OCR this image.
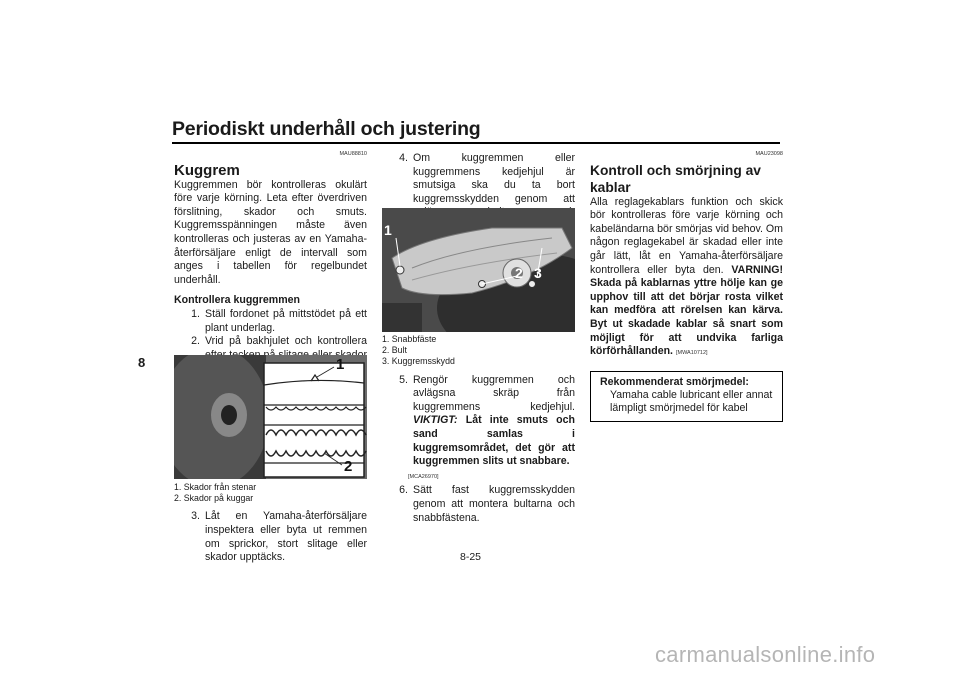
Periodiskt underhåll och justering
8
MAU88810
Kuggrem

Kuggremmen bör kontrolleras okulärt före varje körning. Leta efter överdriven förslitning, skador och smuts. Kuggremsspänningen måste även kontrolleras och justeras av en Yamaha-återförsäljare enligt de intervall som anges i tabellen för regelbundet underhåll.

Kontrollera kuggremmen
1. Ställ fordonet på mittstödet på ett plant underlag.
2. Vrid på bakhjulet och kontrollera
1
2
1. Skador från stenar
2. Skador på kuggar
3. Låt en Yamaha-återförsäljare inspektera eller byta ut remmen om sprickor, stort slitage eller skador upptäcks.
4. Om kuggremmen eller kuggremmens kedjehjul är smutsiga ska du ta bort kuggremsskydden genom att
1
2 3
1. Snabbfäste
2. Bult
3. Kuggremsskydd
5. Rengör kuggremmen och avlägsna skräp från kuggremmens kedjehjul. VIKTIGT: Låt inte smuts och sand samlas i kuggremsområdet, det gör att kuggremmen slits ut snabbare.
[MCA26970]
6. Sätt fast kuggremsskydden genom att montera bultarna och snabbfästena.
MAU23098
Kontroll och smörjning av kablar

Alla reglagekablars funktion och skick bör kontrolleras före varje körning och kabeländarna bör smörjas vid behov. Om någon reglagekabel är skadad eller inte går lätt, låt en Yamaha-återförsäljare kontrollera eller byta den. VARNING! Skada på kablarnas yttre hölje kan ge upphov till att det börjar rosta vilket kan medföra att rörelsen kan kärva. Byt ut skadade kablar så snart som möjligt för att undvika farliga körförhållanden. [MWA10712]

Rekommenderat smörjmedel:
Yamaha cable lubricant eller annat lämpligt smörjmedel för kabel
8-25
carmanualsonline.info
